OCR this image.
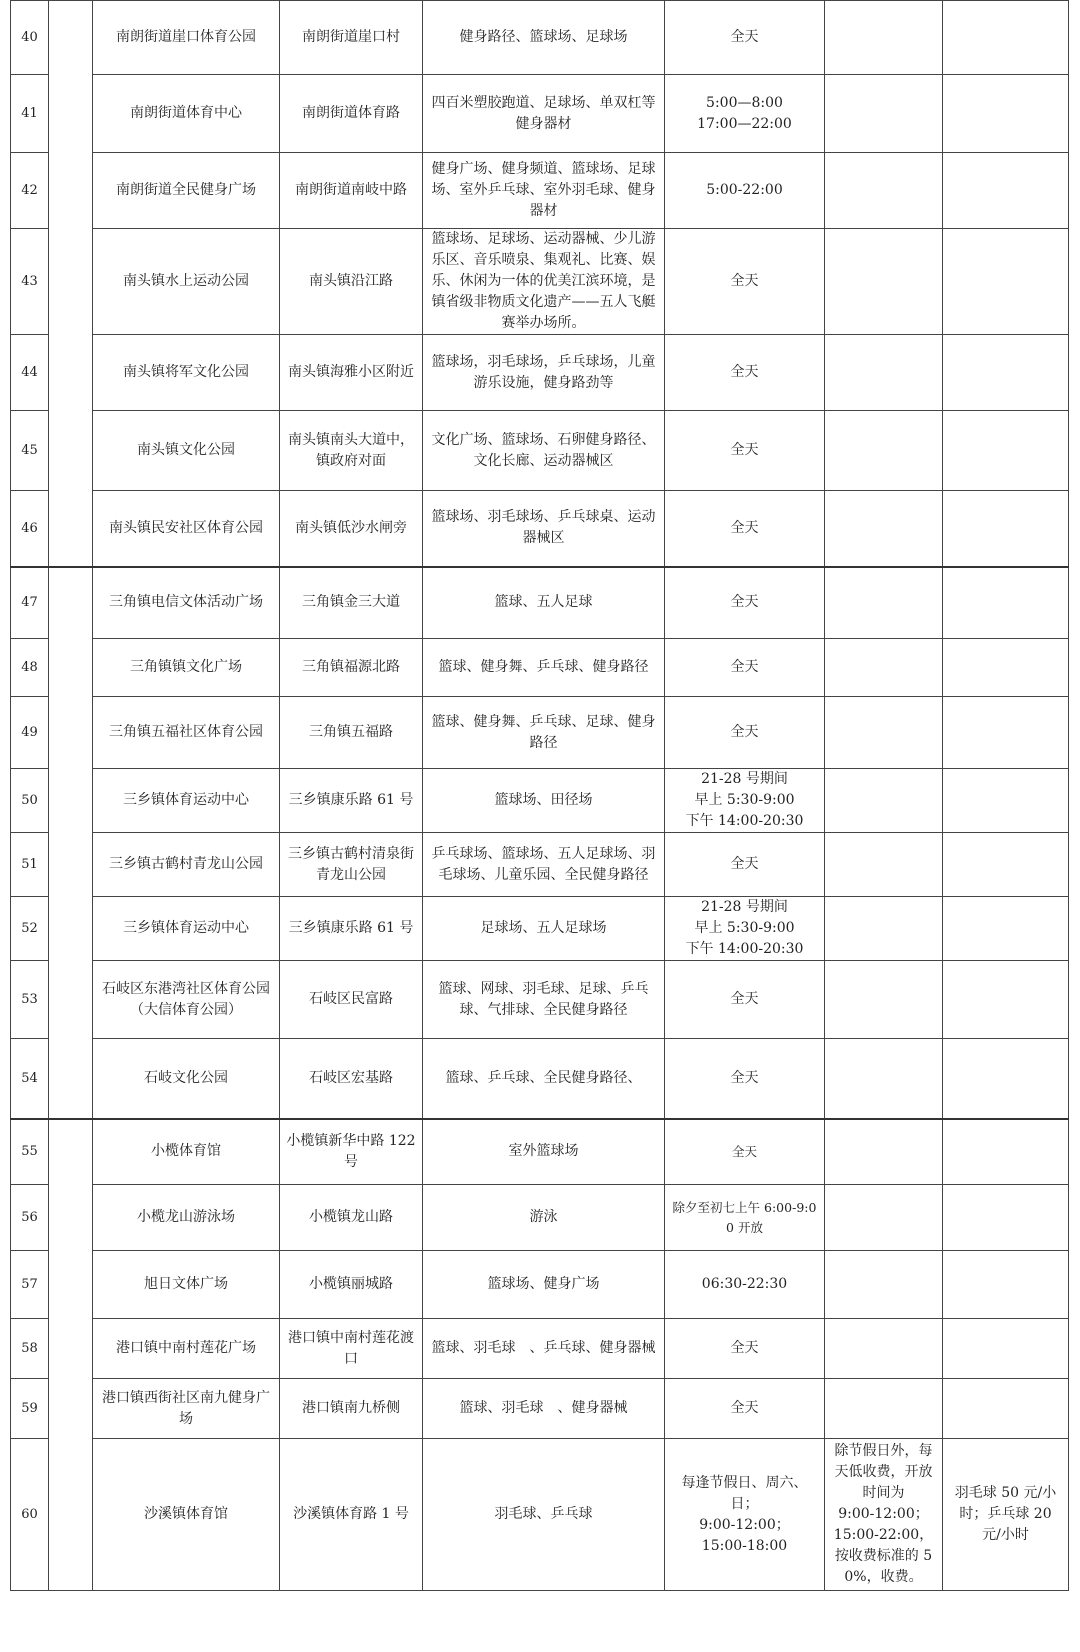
40		南朗街道崖口体育公园	南朗街道崖口村	健身路径、篮球场、足球场	全天		
41		南朗街道体育中心	南朗街道体育路	四百米塑胶跑道、足球场、单双杠等健身器材	5:00—8:00
17:00—22:00		
42		南朗街道全民健身广场	南朗街道南岐中路	健身广场、健身频道、篮球场、足球场、室外乒乓球、室外羽毛球、健身器材	5:00-22:00		
43		南头镇水上运动公园	南头镇沿江路	篮球场、足球场、运动器械、少儿游乐区、音乐喷泉、集观礼、比赛、娱乐、休闲为一体的优美江滨环境，是镇省级非物质文化遗产——五人飞艇赛举办场所。	全天		
44		南头镇将军文化公园	南头镇海雅小区附近	篮球场，羽毛球场，乒乓球场，儿童游乐设施，健身路劲等	全天		
45		南头镇文化公园	南头镇南头大道中，镇政府对面	文化广场、篮球场、石卵健身路径、文化长廊、运动器械区	全天		
46		南头镇民安社区体育公园	南头镇低沙水闸旁	篮球场、羽毛球场、乒乓球桌、运动器械区	全天		
47		三角镇电信文体活动广场	三角镇金三大道	篮球、五人足球	全天		
48		三角镇镇文化广场	三角镇福源北路	篮球、健身舞、乒乓球、健身路径	全天		
49		三角镇五福社区体育公园	三角镇五福路	篮球、健身舞、乒乓球、足球、健身路径	全天		
50		三乡镇体育运动中心	三乡镇康乐路 61 号	篮球场、田径场	21-28 号期间
早上 5:30-9:00
下午 14:00-20:30		
51		三乡镇古鹤村青龙山公园	三乡镇古鹤村清泉街青龙山公园	乒乓球场、篮球场、五人足球场、羽毛球场、儿童乐园、全民健身路径	全天		
52		三乡镇体育运动中心	三乡镇康乐路 61 号	足球场、五人足球场	21-28 号期间
早上 5:30-9:00
下午 14:00-20:30		
53		石岐区东港湾社区体育公园（大信体育公园）	石岐区民富路	篮球、网球、羽毛球、足球、乒乓球、气排球、全民健身路径	全天		
54		石岐文化公园	石岐区宏基路	篮球、乒乓球、全民健身路径、	全天		
55		小榄体育馆	小榄镇新华中路 122 号	室外篮球场	全天		
56		小榄龙山游泳场	小榄镇龙山路	游泳	除夕至初七上午 6:00-9:00 开放		
57		旭日文体广场	小榄镇丽城路	篮球场、健身广场	06:30-22:30		
58		港口镇中南村莲花广场	港口镇中南村莲花渡口	篮球、羽毛球　、乒乓球、健身器械	全天		
59		港口镇西街社区南九健身广场	港口镇南九桥侧	篮球、羽毛球　、健身器械	全天		
60		沙溪镇体育馆	沙溪镇体育路 1 号	羽毛球、乒乓球	每逢节假日、周六、日；
9:00-12:00；
15:00-18:00	除节假日外，每天低收费，开放时间为
9:00-12:00；
15:00-22:00，按收费标准的 50%，收费。	羽毛球 50 元/小时；乒乓球 20 元/小时
